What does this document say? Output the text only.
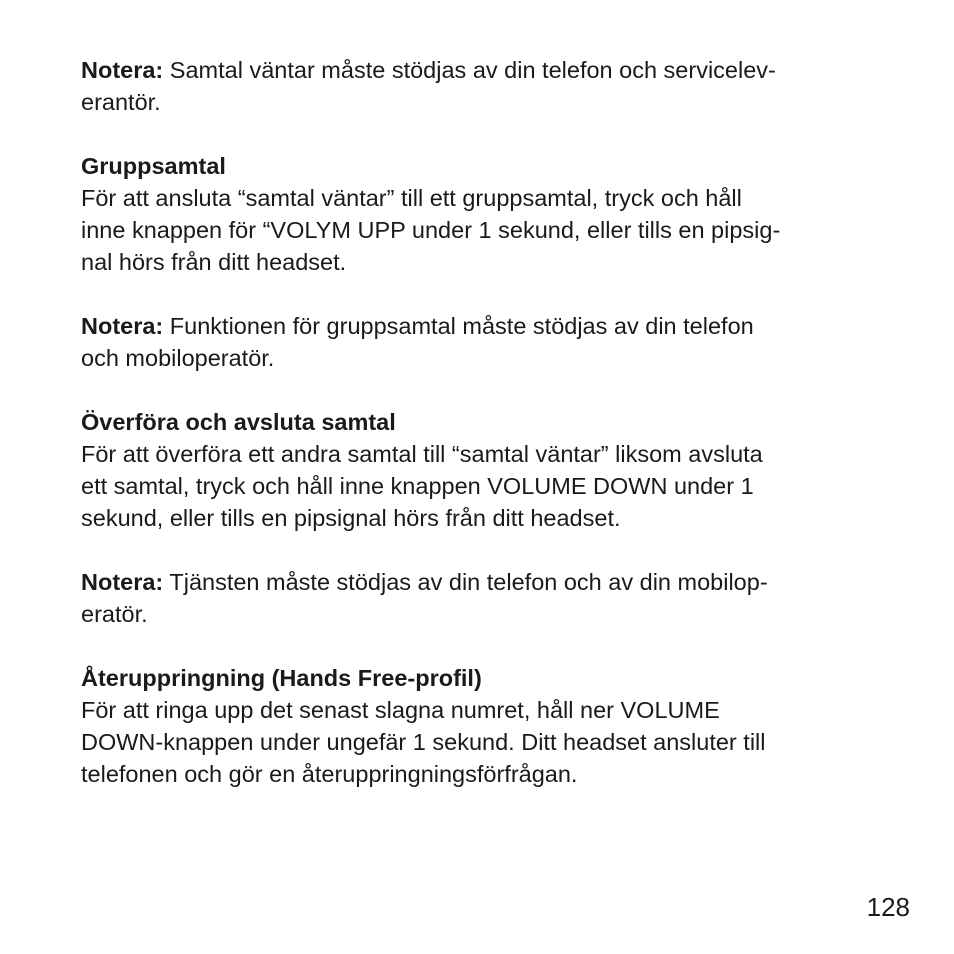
Notera: Samtal väntar måste stödjas av din telefon och servicelev-
erantör.

Gruppsamtal

För att ansluta “samtal väntar” till ett gruppsamtal, tryck och håll
inne knappen för “VOLYM UPP under 1 sekund, eller tills en pipsig-
nal hörs från ditt headset.

Notera: Funktionen för gruppsamtal måste stödjas av din telefon
och mobiloperatör.

Överföra och avsluta samtal

För att överföra ett andra samtal till “samtal väntar” liksom avsluta
ett samtal, tryck och håll inne knappen VOLUME DOWN under 1
sekund, eller tills en pipsignal hörs från ditt headset.

Notera: Tjänsten måste stödjas av din telefon och av din mobilop-
eratör.

Återuppringning (Hands Free-profil)

För att ringa upp det senast slagna numret, håll ner VOLUME
DOWN-knappen under ungefär 1 sekund. Ditt headset ansluter till
telefonen och gör en återuppringningsförfrågan.

128
